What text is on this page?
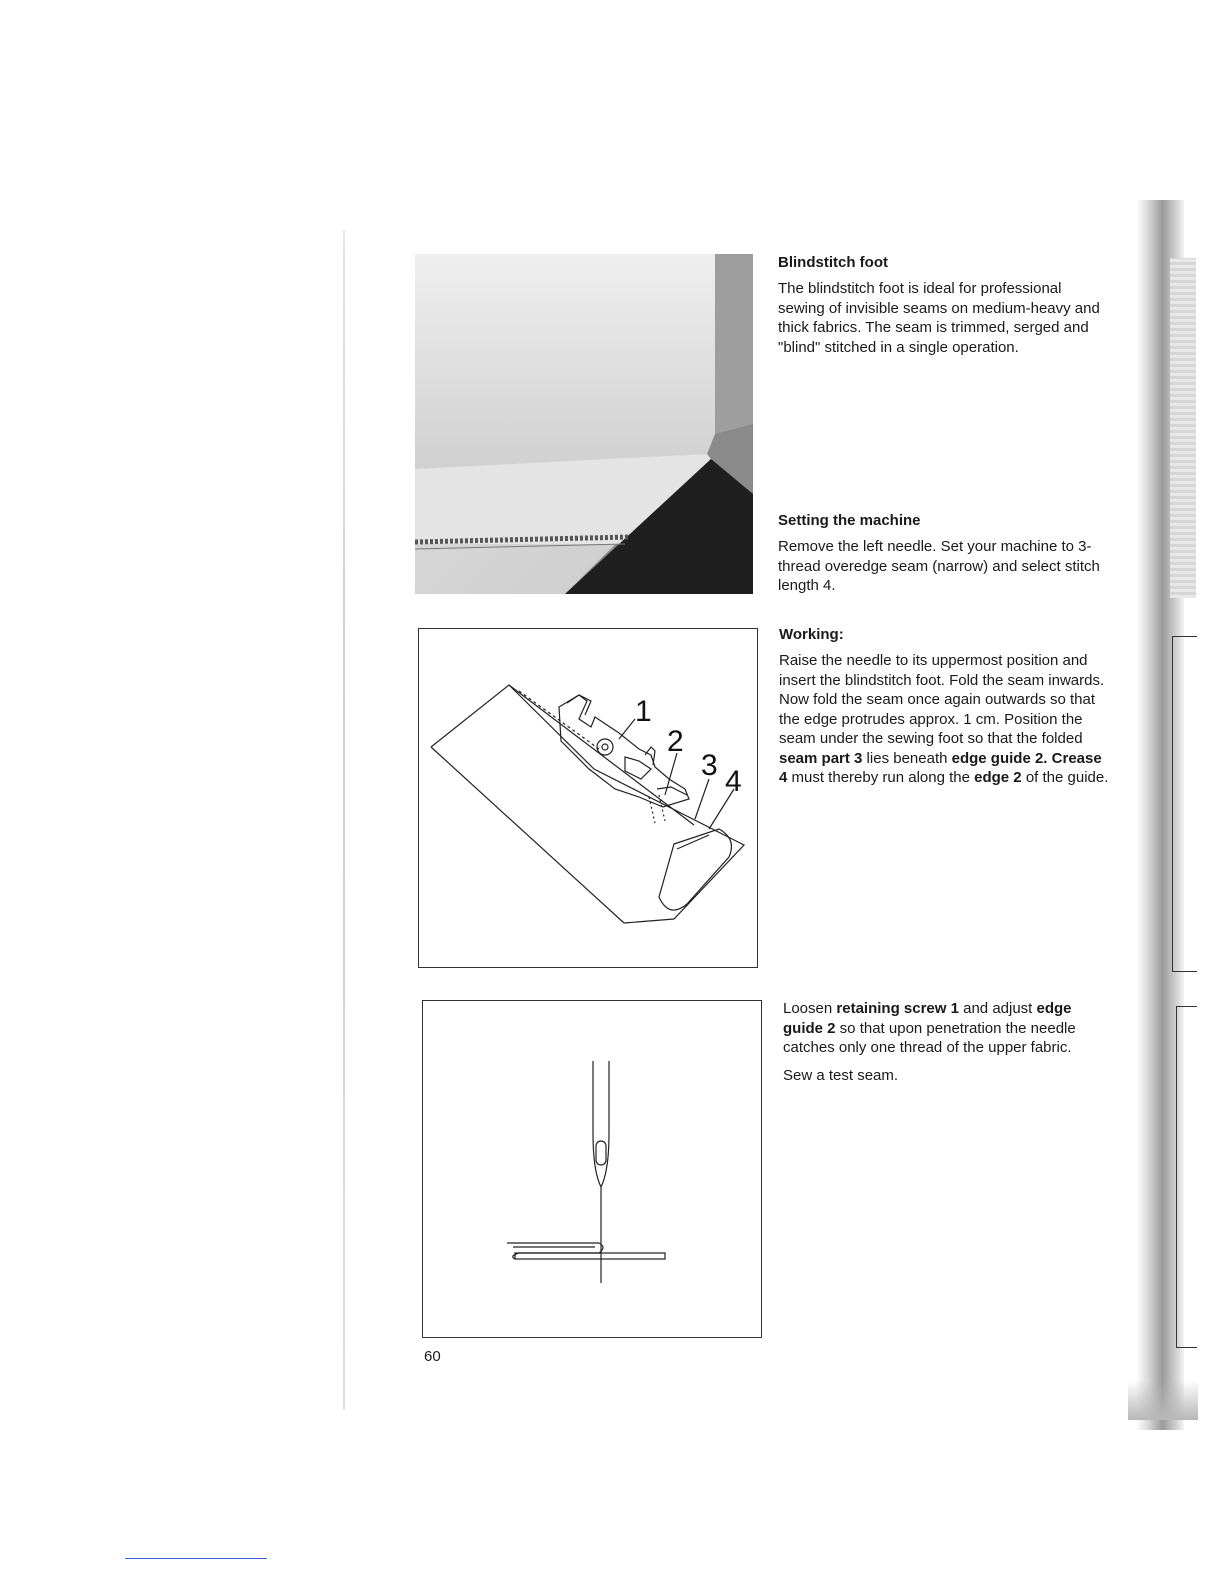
1
2
3 4
Blindstitch foot

The blindstitch foot is ideal for professional sewing of invisible seams on medium-heavy and thick fabrics. The seam is trimmed, serged and "blind" stitched in a single operation.

Setting the machine

Remove the left needle. Set your machine to 3-thread overedge seam (narrow) and select stitch length 4.

Working:

Raise the needle to its uppermost position and insert the blindstitch foot. Fold the seam inwards. Now fold the seam once again outwards so that the edge protrudes approx. 1 cm. Position the seam under the sewing foot so that the folded seam part 3 lies beneath edge guide 2. Crease 4 must thereby run along the edge 2 of the guide.

Loosen retaining screw 1 and adjust edge guide 2 so that upon penetration the needle catches only one thread of the upper fabric.

Sew a test seam.

60
